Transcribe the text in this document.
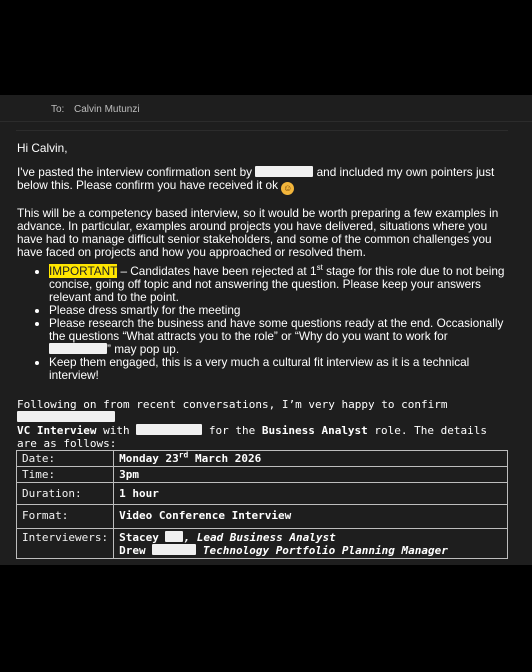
To: Calvin Mutunzi

Hi Calvin,

I've pasted the interview confirmation sent by	and included my own pointers just below this. Please confirm you have received it ok ☺

This will be a competency based interview, so it would be worth preparing a few examples in advance. In particular, examples around projects you have delivered, situations where you have had to manage difficult senior stakeholders, and some of the common challenges you have faced on projects and how you approached or resolved them.

• IMPORTANT – Candidates have been rejected at 1st stage for this role due to not being concise, going off topic and not answering the question. Please keep your answers relevant and to the point.
• Please dress smartly for the meeting
• Please research the business and have some questions ready at the end. Occasionally the questions “What attracts you to the role” or “Why do you want to work for ” may pop up.
• Keep them engaged, this is a very much a cultural fit interview as it is a technical interview!

Following on from recent conversations, I’m very happy to confirm
VC Interview with	for the Business Analyst role. The details are as follows:

Date:	Monday 23rd March 2026
Time:	3pm
Duration:	1 hour
Format:	Video Conference Interview
Interviewers:	Stacey , Lead Business Analyst
Drew Technology Portfolio Planning Manager
